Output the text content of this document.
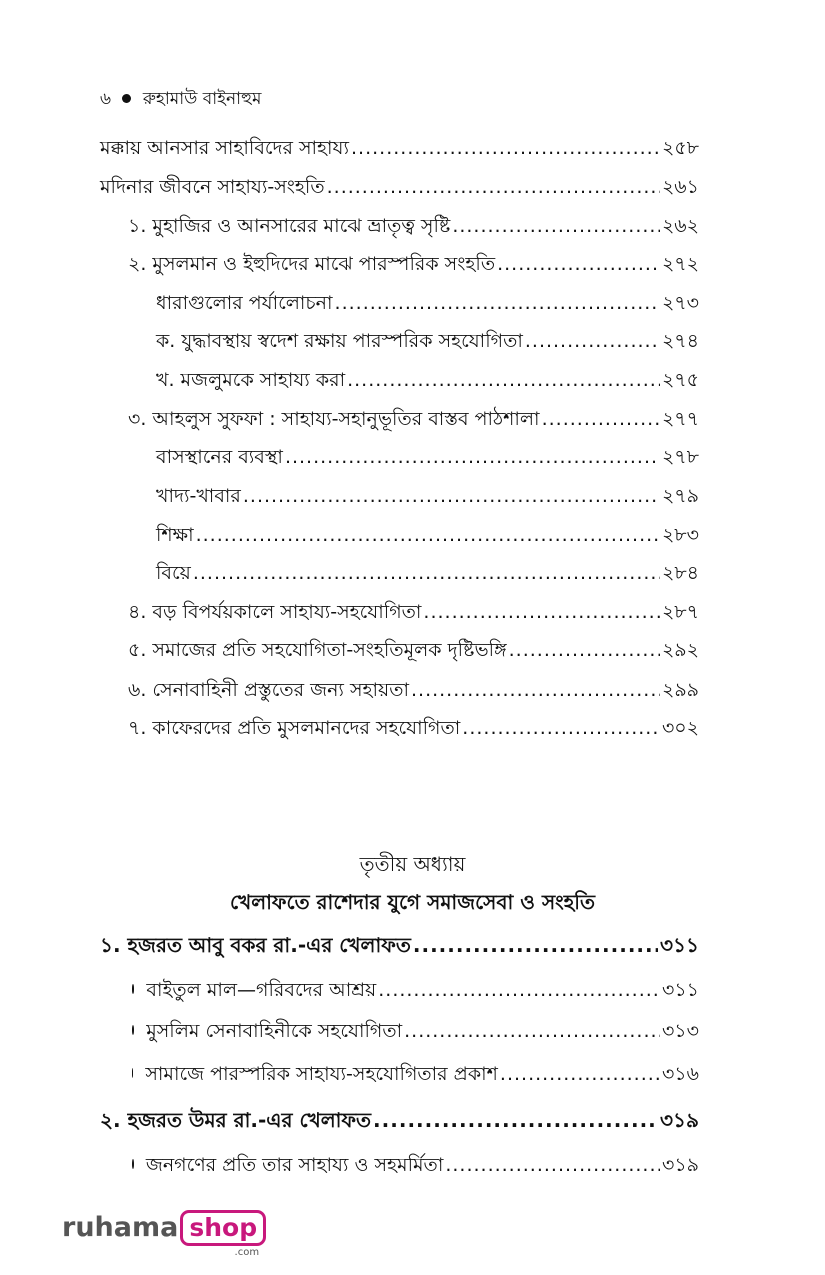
৬ রুহামাউ বাইনাহুম
মক্কায় আনসার সাহাবিদের সাহায্য .....	২৫৮
মদিনার জীবনে সাহায্য-সংহতি .....	২৬১
১. মুহাজির ও আনসারের মাঝে ভ্রাতৃত্ব সৃষ্টি .....	২৬২
২. মুসলমান ও ইহুদিদের মাঝে পারস্পরিক সংহতি .....	২৭২
ধারাগুলোর পর্যালোচনা .....	২৭৩
ক. যুদ্ধাবস্থায় স্বদেশ রক্ষায় পারস্পরিক সহযোগিতা .....	২৭৪
খ. মজলুমকে সাহায্য করা .....	২৭৫
৩. আহলুস সুফফা : সাহায্য-সহানুভূতির বাস্তব পাঠশালা .....	২৭৭
বাসস্থানের ব্যবস্থা .....	২৭৮
খাদ্য-খাবার .....	২৭৯
শিক্ষা .....	২৮৩
বিয়ে .....	২৮৪
৪. বড় বিপর্যয়কালে সাহায্য-সহযোগিতা .....	২৮৭
৫. সমাজের প্রতি সহযোগিতা-সংহতিমূলক দৃষ্টিভঙ্গি .....	২৯২
৬. সেনাবাহিনী প্রস্তুতের জন্য সহায়তা .....	২৯৯
৭. কাফেরদের প্রতি মুসলমানদের সহযোগিতা .....	৩০২
তৃতীয় অধ্যায়
খেলাফতে রাশেদার যুগে সমাজসেবা ও সংহতি
১. হজরত আবু বকর রা.-এর খেলাফত .....	৩১১
বাইতুল মাল—গরিবদের আশ্রয় .....	৩১১
মুসলিম সেনাবাহিনীকে সহযোগিতা .....	৩১৩
সামাজে পারস্পরিক সাহায্য-সহযোগিতার প্রকাশ .....	৩১৬
২. হজরত উমর রা.-এর খেলাফত .....	৩১৯
জনগণের প্রতি তার সাহায্য ও সহমর্মিতা .....	৩১৯
ruhama shop
.com
